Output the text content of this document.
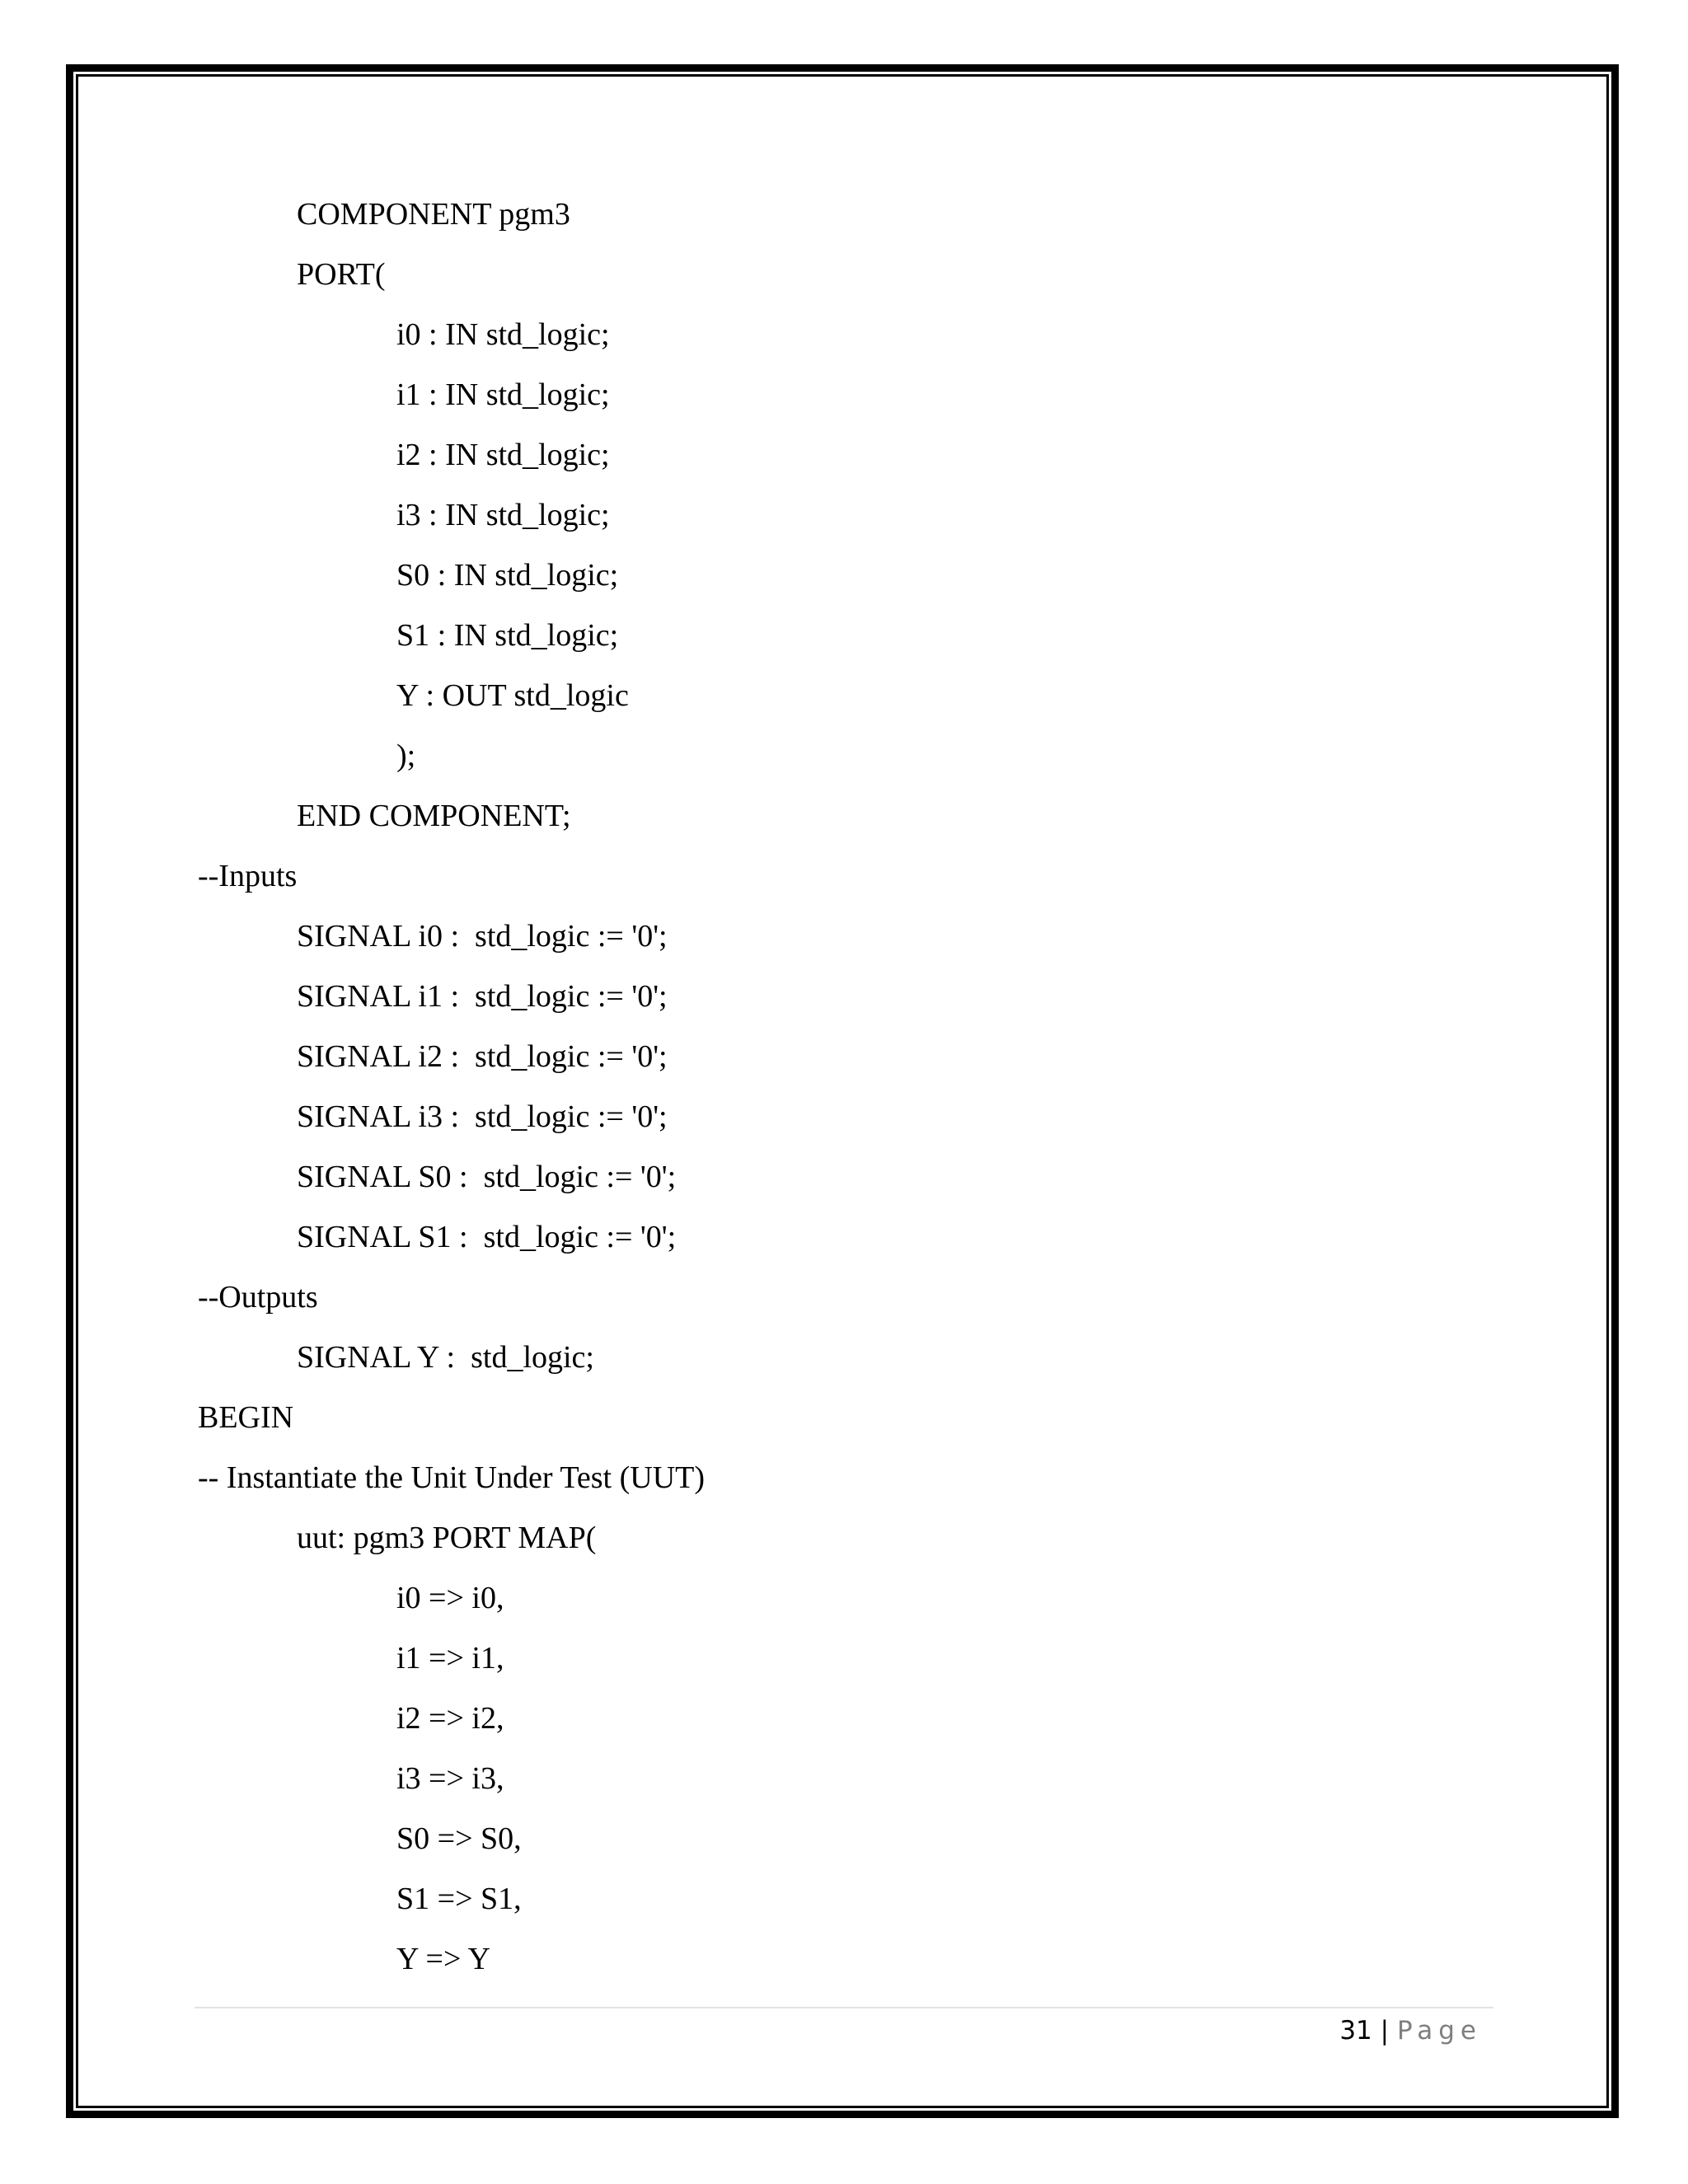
COMPONENT pgm3
PORT(
i0 : IN std_logic;
i1 : IN std_logic;
i2 : IN std_logic;
i3 : IN std_logic;
S0 : IN std_logic;
S1 : IN std_logic;
Y : OUT std_logic
);
END COMPONENT;
--Inputs
SIGNAL i0 :  std_logic := '0';
SIGNAL i1 :  std_logic := '0';
SIGNAL i2 :  std_logic := '0';
SIGNAL i3 :  std_logic := '0';
SIGNAL S0 :  std_logic := '0';
SIGNAL S1 :  std_logic := '0';
--Outputs
SIGNAL Y :  std_logic;
BEGIN
-- Instantiate the Unit Under Test (UUT)
uut: pgm3 PORT MAP(
i0 => i0,
i1 => i1,
i2 => i2,
i3 => i3,
S0 => S0,
S1 => S1,
Y => Y
31 | Page
